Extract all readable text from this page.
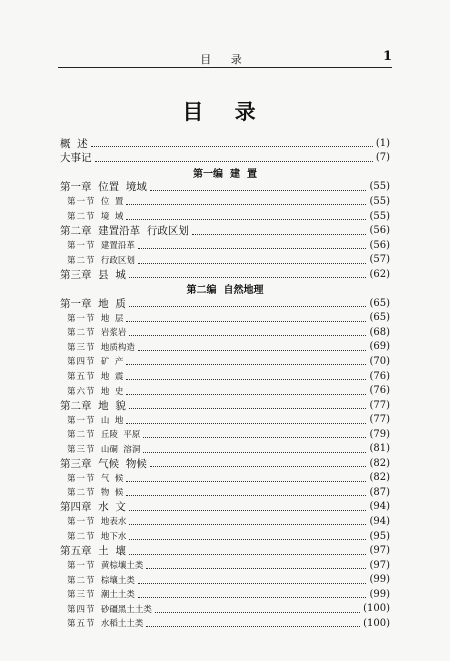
目 录	1
目 录
概  述	(1)
大事记	(7)
第一编  建  置
第一章 位置  境域	(55)
第一节 位  置	(55)
第二节 境  域	(55)
第二章 建置沿革  行政区划	(56)
第一节 建置沿革	(56)
第二节 行政区划	(57)
第三章 县  城	(62)
第二编  自然地理
第一章 地  质	(65)
第一节 地  层	(65)
第二节 岩浆岩	(68)
第三节 地质构造	(69)
第四节 矿  产	(70)
第五节 地  震	(76)
第六节 地  史	(76)
第二章 地  貌	(77)
第一节 山  地	(77)
第二节 丘陵  平原	(79)
第三节 山硐  溶洞	(81)
第三章 气候  物候	(82)
第一节 气  候	(82)
第二节 物  候	(87)
第四章 水  文	(94)
第一节 地表水	(94)
第二节 地下水	(95)
第五章 土  壤	(97)
第一节 黄棕壤土类	(97)
第二节 棕壤土类	(99)
第三节 潮土土类	(99)
第四节 砂礓黑土土类	(100)
第五节 水稻土土类	(100)
